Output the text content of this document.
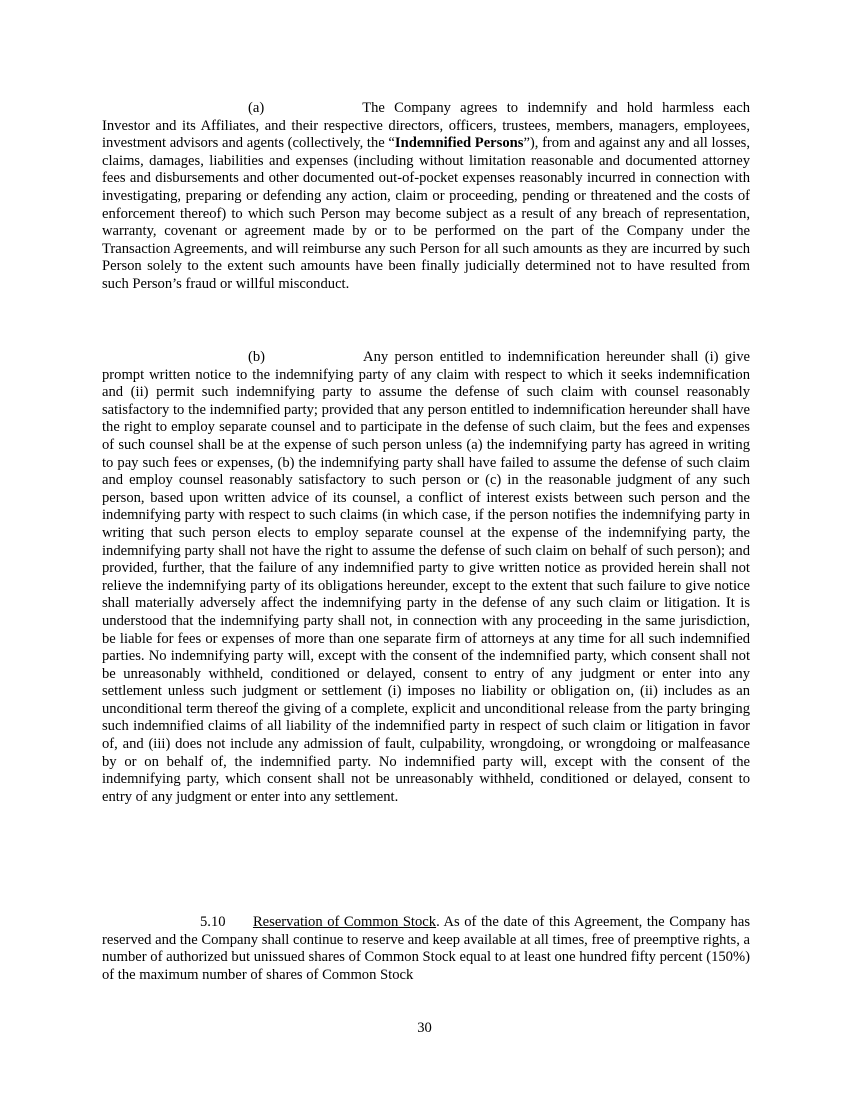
(a)	The Company agrees to indemnify and hold harmless each Investor and its Affiliates, and their respective directors, officers, trustees, members, managers, employees, investment advisors and agents (collectively, the “Indemnified Persons”), from and against any and all losses, claims, damages, liabilities and expenses (including without limitation reasonable and documented attorney fees and disbursements and other documented out-of-pocket expenses reasonably incurred in connection with investigating, preparing or defending any action, claim or proceeding, pending or threatened and the costs of enforcement thereof) to which such Person may become subject as a result of any breach of representation, warranty, covenant or agreement made by or to be performed on the part of the Company under the Transaction Agreements, and will reimburse any such Person for all such amounts as they are incurred by such Person solely to the extent such amounts have been finally judicially determined not to have resulted from such Person’s fraud or willful misconduct.

(b)	Any person entitled to indemnification hereunder shall (i) give prompt written notice to the indemnifying party of any claim with respect to which it seeks indemnification and (ii) permit such indemnifying party to assume the defense of such claim with counsel reasonably satisfactory to the indemnified party; provided that any person entitled to indemnification hereunder shall have the right to employ separate counsel and to participate in the defense of such claim, but the fees and expenses of such counsel shall be at the expense of such person unless (a) the indemnifying party has agreed in writing to pay such fees or expenses, (b) the indemnifying party shall have failed to assume the defense of such claim and employ counsel reasonably satisfactory to such person or (c) in the reasonable judgment of any such person, based upon written advice of its counsel, a conflict of interest exists between such person and the indemnifying party with respect to such claims (in which case, if the person notifies the indemnifying party in writing that such person elects to employ separate counsel at the expense of the indemnifying party, the indemnifying party shall not have the right to assume the defense of such claim on behalf of such person); and provided, further, that the failure of any indemnified party to give written notice as provided herein shall not relieve the indemnifying party of its obligations hereunder, except to the extent that such failure to give notice shall materially adversely affect the indemnifying party in the defense of any such claim or litigation. It is understood that the indemnifying party shall not, in connection with any proceeding in the same jurisdiction, be liable for fees or expenses of more than one separate firm of attorneys at any time for all such indemnified parties. No indemnifying party will, except with the consent of the indemnified party, which consent shall not be unreasonably withheld, conditioned or delayed, consent to entry of any judgment or enter into any settlement unless such judgment or settlement (i) imposes no liability or obligation on, (ii) includes as an unconditional term thereof the giving of a complete, explicit and unconditional release from the party bringing such indemnified claims of all liability of the indemnified party in respect of such claim or litigation in favor of, and (iii) does not include any admission of fault, culpability, wrongdoing, or wrongdoing or malfeasance by or on behalf of, the indemnified party. No indemnified party will, except with the consent of the indemnifying party, which consent shall not be unreasonably withheld, conditioned or delayed, consent to entry of any judgment or enter into any settlement.

5.10 Reservation of Common Stock. As of the date of this Agreement, the Company has reserved and the Company shall continue to reserve and keep available at all times, free of preemptive rights, a number of authorized but unissued shares of Common Stock equal to at least one hundred fifty percent (150%) of the maximum number of shares of Common Stock

30
